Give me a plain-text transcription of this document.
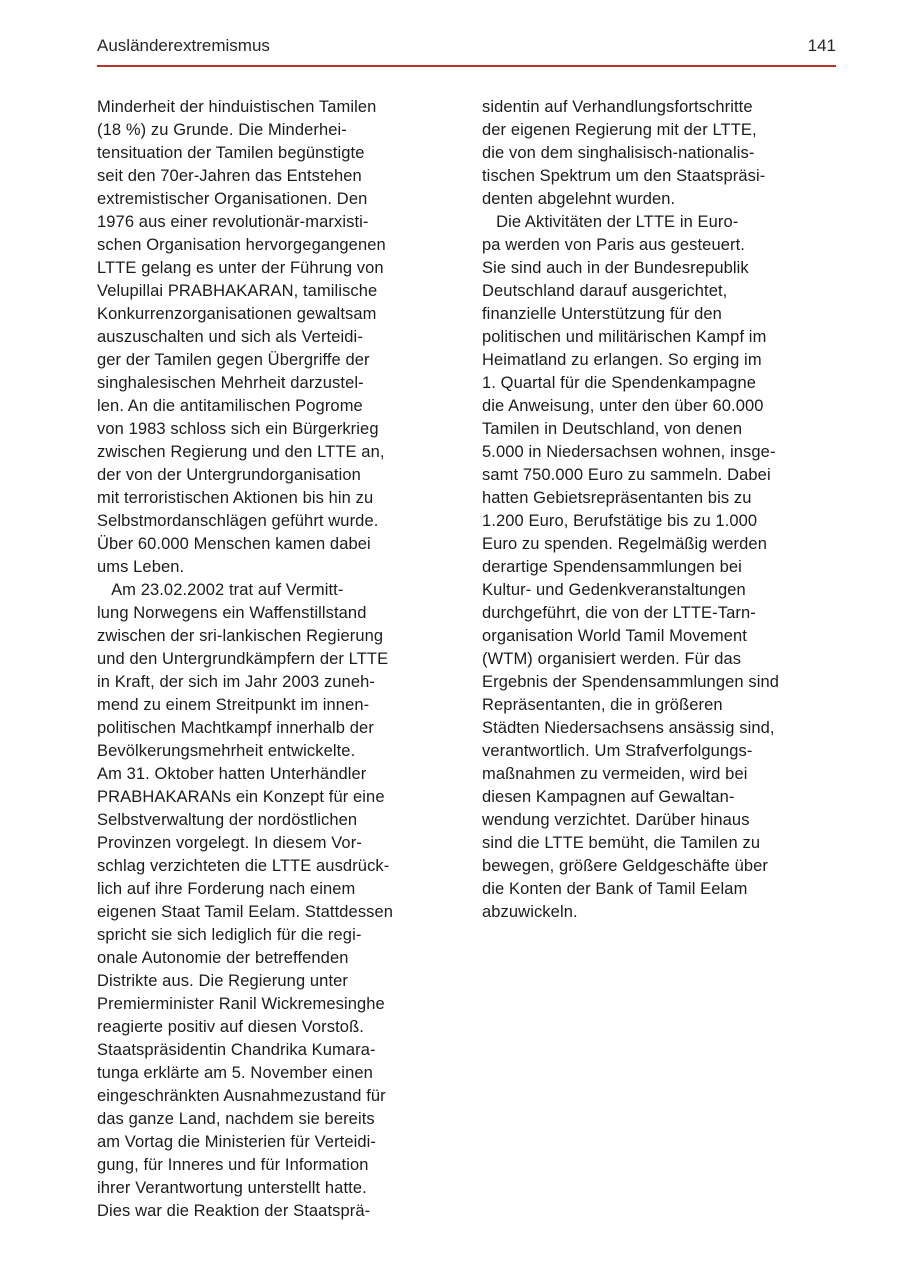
Ausländerextremismus	141
Minderheit der hinduistischen Tamilen
(18 %) zu Grunde. Die Minderhei-
tensituation der Tamilen begünstigte
seit den 70er-Jahren das Entstehen
extremistischer Organisationen. Den
1976 aus einer revolutionär-marxisti-
schen Organisation hervorgegangenen
LTTE gelang es unter der Führung von
Velupillai PRABHAKARAN, tamilische
Konkurrenzorganisationen gewaltsam
auszuschalten und sich als Verteidi-
ger der Tamilen gegen Übergriffe der
singhalesischen Mehrheit darzustel-
len. An die antitamilischen Pogrome
von 1983 schloss sich ein Bürgerkrieg
zwischen Regierung und den LTTE an,
der von der Untergrundorganisation
mit terroristischen Aktionen bis hin zu
Selbstmordanschlägen geführt wurde.
Über 60.000 Menschen kamen dabei
ums Leben.
Am 23.02.2002 trat auf Vermitt-
lung Norwegens ein Waffenstillstand
zwischen der sri-lankischen Regierung
und den Untergrundkämpfern der LTTE
in Kraft, der sich im Jahr 2003 zuneh-
mend zu einem Streitpunkt im innen-
politischen Machtkampf innerhalb der
Bevölkerungsmehrheit entwickelte.
Am 31. Oktober hatten Unterhändler
PRABHAKARANs ein Konzept für eine
Selbstverwaltung der nordöstlichen
Provinzen vorgelegt. In diesem Vor-
schlag verzichteten die LTTE ausdrück-
lich auf ihre Forderung nach einem
eigenen Staat Tamil Eelam. Stattdessen
spricht sie sich lediglich für die regi-
onale Autonomie der betreffenden
Distrikte aus. Die Regierung unter
Premierminister Ranil Wickremesinghe
reagierte positiv auf diesen Vorstoß.
Staatspräsidentin Chandrika Kumara-
tunga erklärte am 5. November einen
eingeschränkten Ausnahmezustand für
das ganze Land, nachdem sie bereits
am Vortag die Ministerien für Verteidi-
gung, für Inneres und für Information
ihrer Verantwortung unterstellt hatte.
Dies war die Reaktion der Staatsprä-
sidentin auf Verhandlungsfortschritte
der eigenen Regierung mit der LTTE,
die von dem singhalisisch-nationalis-
tischen Spektrum um den Staatspräsi-
denten abgelehnt wurden.
Die Aktivitäten der LTTE in Euro-
pa werden von Paris aus gesteuert.
Sie sind auch in der Bundesrepublik
Deutschland darauf ausgerichtet,
finanzielle Unterstützung für den
politischen und militärischen Kampf im
Heimatland zu erlangen. So erging im
1. Quartal für die Spendenkampagne
die Anweisung, unter den über 60.000
Tamilen in Deutschland, von denen
5.000 in Niedersachsen wohnen, insge-
samt 750.000 Euro zu sammeln. Dabei
hatten Gebietsrepräsentanten bis zu
1.200 Euro, Berufstätige bis zu 1.000
Euro zu spenden. Regelmäßig werden
derartige Spendensammlungen bei
Kultur- und Gedenkveranstaltungen
durchgeführt, die von der LTTE-Tarn-
organisation World Tamil Movement
(WTM) organisiert werden. Für das
Ergebnis der Spendensammlungen sind
Repräsentanten, die in größeren
Städten Niedersachsens ansässig sind,
verantwortlich. Um Strafverfolgungs-
maßnahmen zu vermeiden, wird bei
diesen Kampagnen auf Gewaltan-
wendung verzichtet. Darüber hinaus
sind die LTTE bemüht, die Tamilen zu
bewegen, größere Geldgeschäfte über
die Konten der Bank of Tamil Eelam
abzuwickeln.
